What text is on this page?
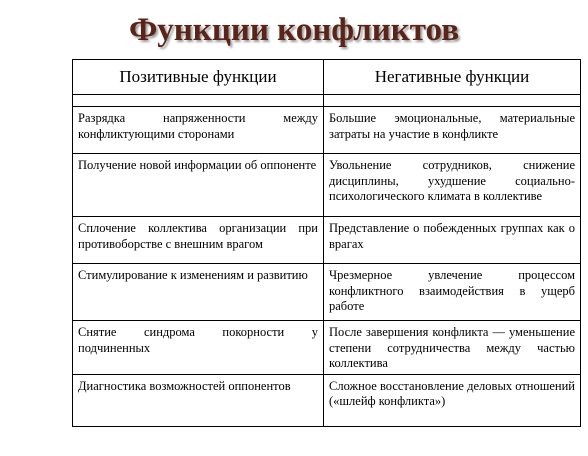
Функции конфликтов
Позитивные функции	Негативные функции

Разрядка напряженности между конфликтующими сторонами	Большие эмоциональные, материальные затраты на участие в конфликте
Получение новой информации об оппоненте	Увольнение сотрудников, снижение дисциплины, ухудшение социально-психологического климата в коллективе
Сплочение коллектива организации при противоборстве с внешним врагом	Представление о побежденных группах как о врагах
Стимулирование к изменениям и развитию	Чрезмерное увлечение процессом конфликтного взаимодействия в ущерб работе
Снятие синдрома покорности у подчиненных	После завершения конфликта — уменьшение степени сотрудничества между частью коллектива
Диагностика возможностей оппонентов	Сложное восстановление деловых отношений («шлейф конфликта»)
